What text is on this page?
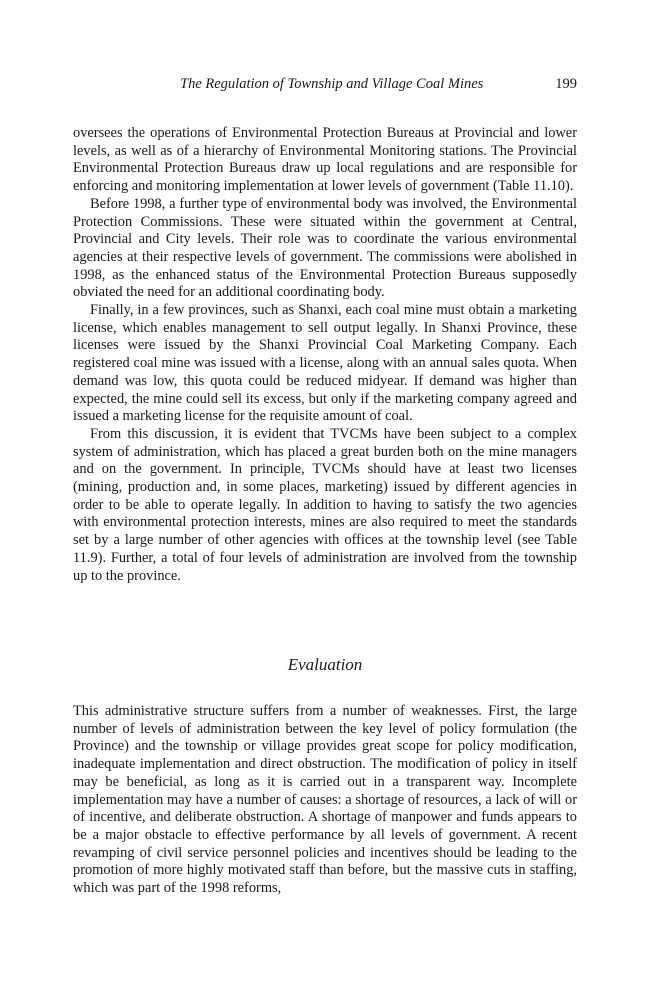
The Regulation of Township and Village Coal Mines	199

oversees the operations of Environmental Protection Bureaus at Provincial and lower levels, as well as of a hierarchy of Environmental Monitoring stations. The Provincial Environmental Protection Bureaus draw up local regulations and are responsible for enforcing and monitoring implementation at lower levels of government (Table 11.10).

Before 1998, a further type of environmental body was involved, the Environmental Protection Commissions. These were situated within the government at Central, Provincial and City levels. Their role was to coordinate the various environmental agencies at their respective levels of government. The commissions were abolished in 1998, as the enhanced status of the Environmental Protection Bureaus supposedly obviated the need for an additional coordinating body.

Finally, in a few provinces, such as Shanxi, each coal mine must obtain a marketing license, which enables management to sell output legally. In Shanxi Province, these licenses were issued by the Shanxi Provincial Coal Marketing Company. Each registered coal mine was issued with a license, along with an annual sales quota. When demand was low, this quota could be reduced midyear. If demand was higher than expected, the mine could sell its excess, but only if the marketing company agreed and issued a marketing license for the requisite amount of coal.

From this discussion, it is evident that TVCMs have been subject to a complex system of administration, which has placed a great burden both on the mine managers and on the government. In principle, TVCMs should have at least two licenses (mining, production and, in some places, marketing) issued by different agencies in order to be able to operate legally. In addition to having to satisfy the two agencies with environmental protection interests, mines are also required to meet the standards set by a large number of other agencies with offices at the township level (see Table 11.9). Further, a total of four levels of administration are involved from the township up to the province.

Evaluation

This administrative structure suffers from a number of weaknesses. First, the large number of levels of administration between the key level of policy formulation (the Province) and the township or village provides great scope for policy modification, inadequate implementation and direct obstruction. The modification of policy in itself may be beneficial, as long as it is carried out in a transparent way. Incomplete implementation may have a number of causes: a shortage of resources, a lack of will or of incentive, and deliberate obstruction. A shortage of manpower and funds appears to be a major obstacle to effective performance by all levels of government. A recent revamping of civil service personnel policies and incentives should be leading to the promotion of more highly motivated staff than before, but the massive cuts in staffing, which was part of the 1998 reforms,
